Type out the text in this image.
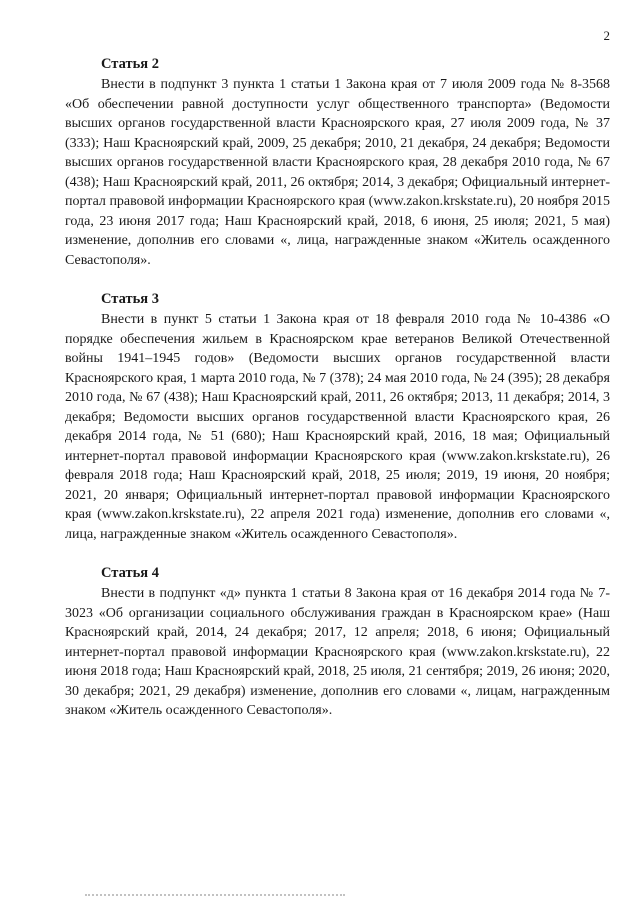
2
Статья 2

Внести в подпункт 3 пункта 1 статьи 1 Закона края от 7 июля 2009 года № 8-3568 «Об обеспечении равной доступности услуг общественного транспорта» (Ведомости высших органов государственной власти Красноярского края, 27 июля 2009 года, № 37 (333); Наш Красноярский край, 2009, 25 декабря; 2010, 21 декабря, 24 декабря; Ведомости высших органов государственной власти Красноярского края, 28 декабря 2010 года, № 67 (438); Наш Красноярский край, 2011, 26 октября; 2014, 3 декабря; Официальный интернет-портал правовой информации Красноярского края (www.zakon.krskstate.ru), 20 ноября 2015 года, 23 июня 2017 года; Наш Красноярский край, 2018, 6 июня, 25 июля; 2021, 5 мая) изменение, дополнив его словами «, лица, награжденные знаком «Житель осажденного Севастополя».

Статья 3

Внести в пункт 5 статьи 1 Закона края от 18 февраля 2010 года № 10-4386 «О порядке обеспечения жильем в Красноярском крае ветеранов Великой Отечественной войны 1941–1945 годов» (Ведомости высших органов государственной власти Красноярского края, 1 марта 2010 года, № 7 (378); 24 мая 2010 года, № 24 (395); 28 декабря 2010 года, № 67 (438); Наш Красноярский край, 2011, 26 октября; 2013, 11 декабря; 2014, 3 декабря; Ведомости высших органов государственной власти Красноярского края, 26 декабря 2014 года, № 51 (680); Наш Красноярский край, 2016, 18 мая; Официальный интернет-портал правовой информации Красноярского края (www.zakon.krskstate.ru), 26 февраля 2018 года; Наш Красноярский край, 2018, 25 июля; 2019, 19 июня, 20 ноября; 2021, 20 января; Официальный интернет-портал правовой информации Красноярского края (www.zakon.krskstate.ru), 22 апреля 2021 года) изменение, дополнив его словами «, лица, награжденные знаком «Житель осажденного Севастополя».

Статья 4

Внести в подпункт «д» пункта 1 статьи 8 Закона края от 16 декабря 2014 года № 7-3023 «Об организации социального обслуживания граждан в Красноярском крае» (Наш Красноярский край, 2014, 24 декабря; 2017, 12 апреля; 2018, 6 июня; Официальный интернет-портал правовой информации Красноярского края (www.zakon.krskstate.ru), 22 июня 2018 года; Наш Красноярский край, 2018, 25 июля, 21 сентября; 2019, 26 июня; 2020, 30 декабря; 2021, 29 декабря) изменение, дополнив его словами «, лицам, награжденным знаком «Житель осажденного Севастополя».
